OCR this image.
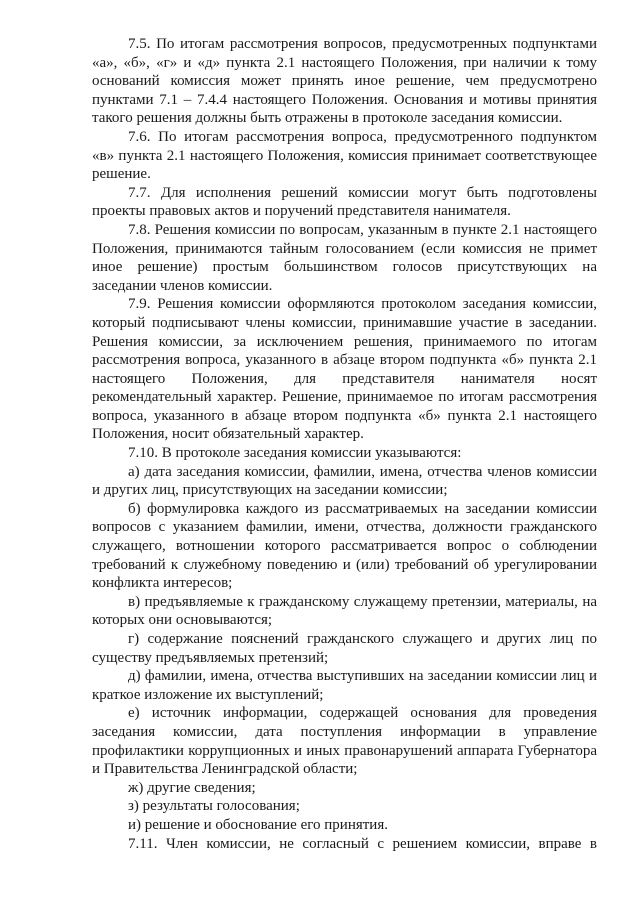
7.5. По итогам рассмотрения вопросов, предусмотренных подпунктами «а», «б», «г» и «д» пункта 2.1 настоящего Положения, при наличии к тому оснований комиссия может принять иное решение, чем предусмотрено пунктами 7.1 – 7.4.4 настоящего Положения. Основания и мотивы принятия такого решения должны быть отражены в протоколе заседания комиссии.

7.6. По итогам рассмотрения вопроса, предусмотренного подпунктом «в» пункта 2.1 настоящего Положения, комиссия принимает соответствующее решение.

7.7. Для исполнения решений комиссии могут быть подготовлены проекты правовых актов и поручений представителя нанимателя.

7.8. Решения комиссии по вопросам, указанным в пункте 2.1 настоящего Положения, принимаются тайным голосованием (если комиссия не примет иное решение) простым большинством голосов присутствующих на заседании членов комиссии.

7.9. Решения комиссии оформляются протоколом заседания комиссии, который подписывают члены комиссии, принимавшие участие в заседании. Решения комиссии, за исключением решения, принимаемого по итогам рассмотрения вопроса, указанного в абзаце втором подпункта «б» пункта 2.1 настоящего Положения, для представителя нанимателя носят рекомендательный характер. Решение, принимаемое по итогам рассмотрения вопроса, указанного в абзаце втором подпункта «б» пункта 2.1 настоящего Положения, носит обязательный характер.

7.10. В протоколе заседания комиссии указываются:

а) дата заседания комиссии, фамилии, имена, отчества членов комиссии и других лиц, присутствующих на заседании комиссии;

б) формулировка каждого из рассматриваемых на заседании комиссии вопросов с указанием фамилии, имени, отчества, должности гражданского служащего, вотношении которого рассматривается вопрос о соблюдении требований к служебному поведению и (или) требований об урегулировании конфликта интересов;

в) предъявляемые к гражданскому служащему претензии, материалы, на которых они основываются;

г) содержание пояснений гражданского служащего и других лиц по существу предъявляемых претензий;

д) фамилии, имена, отчества выступивших на заседании комиссии лиц и краткое изложение их выступлений;

е) источник информации, содержащей основания для проведения заседания комиссии, дата поступления информации в управление профилактики коррупционных и иных правонарушений аппарата Губернатора и Правительства Ленинградской области;

ж) другие сведения;

з) результаты голосования;

и) решение и обоснование его принятия.

7.11. Член комиссии, не согласный с решением комиссии, вправе в
